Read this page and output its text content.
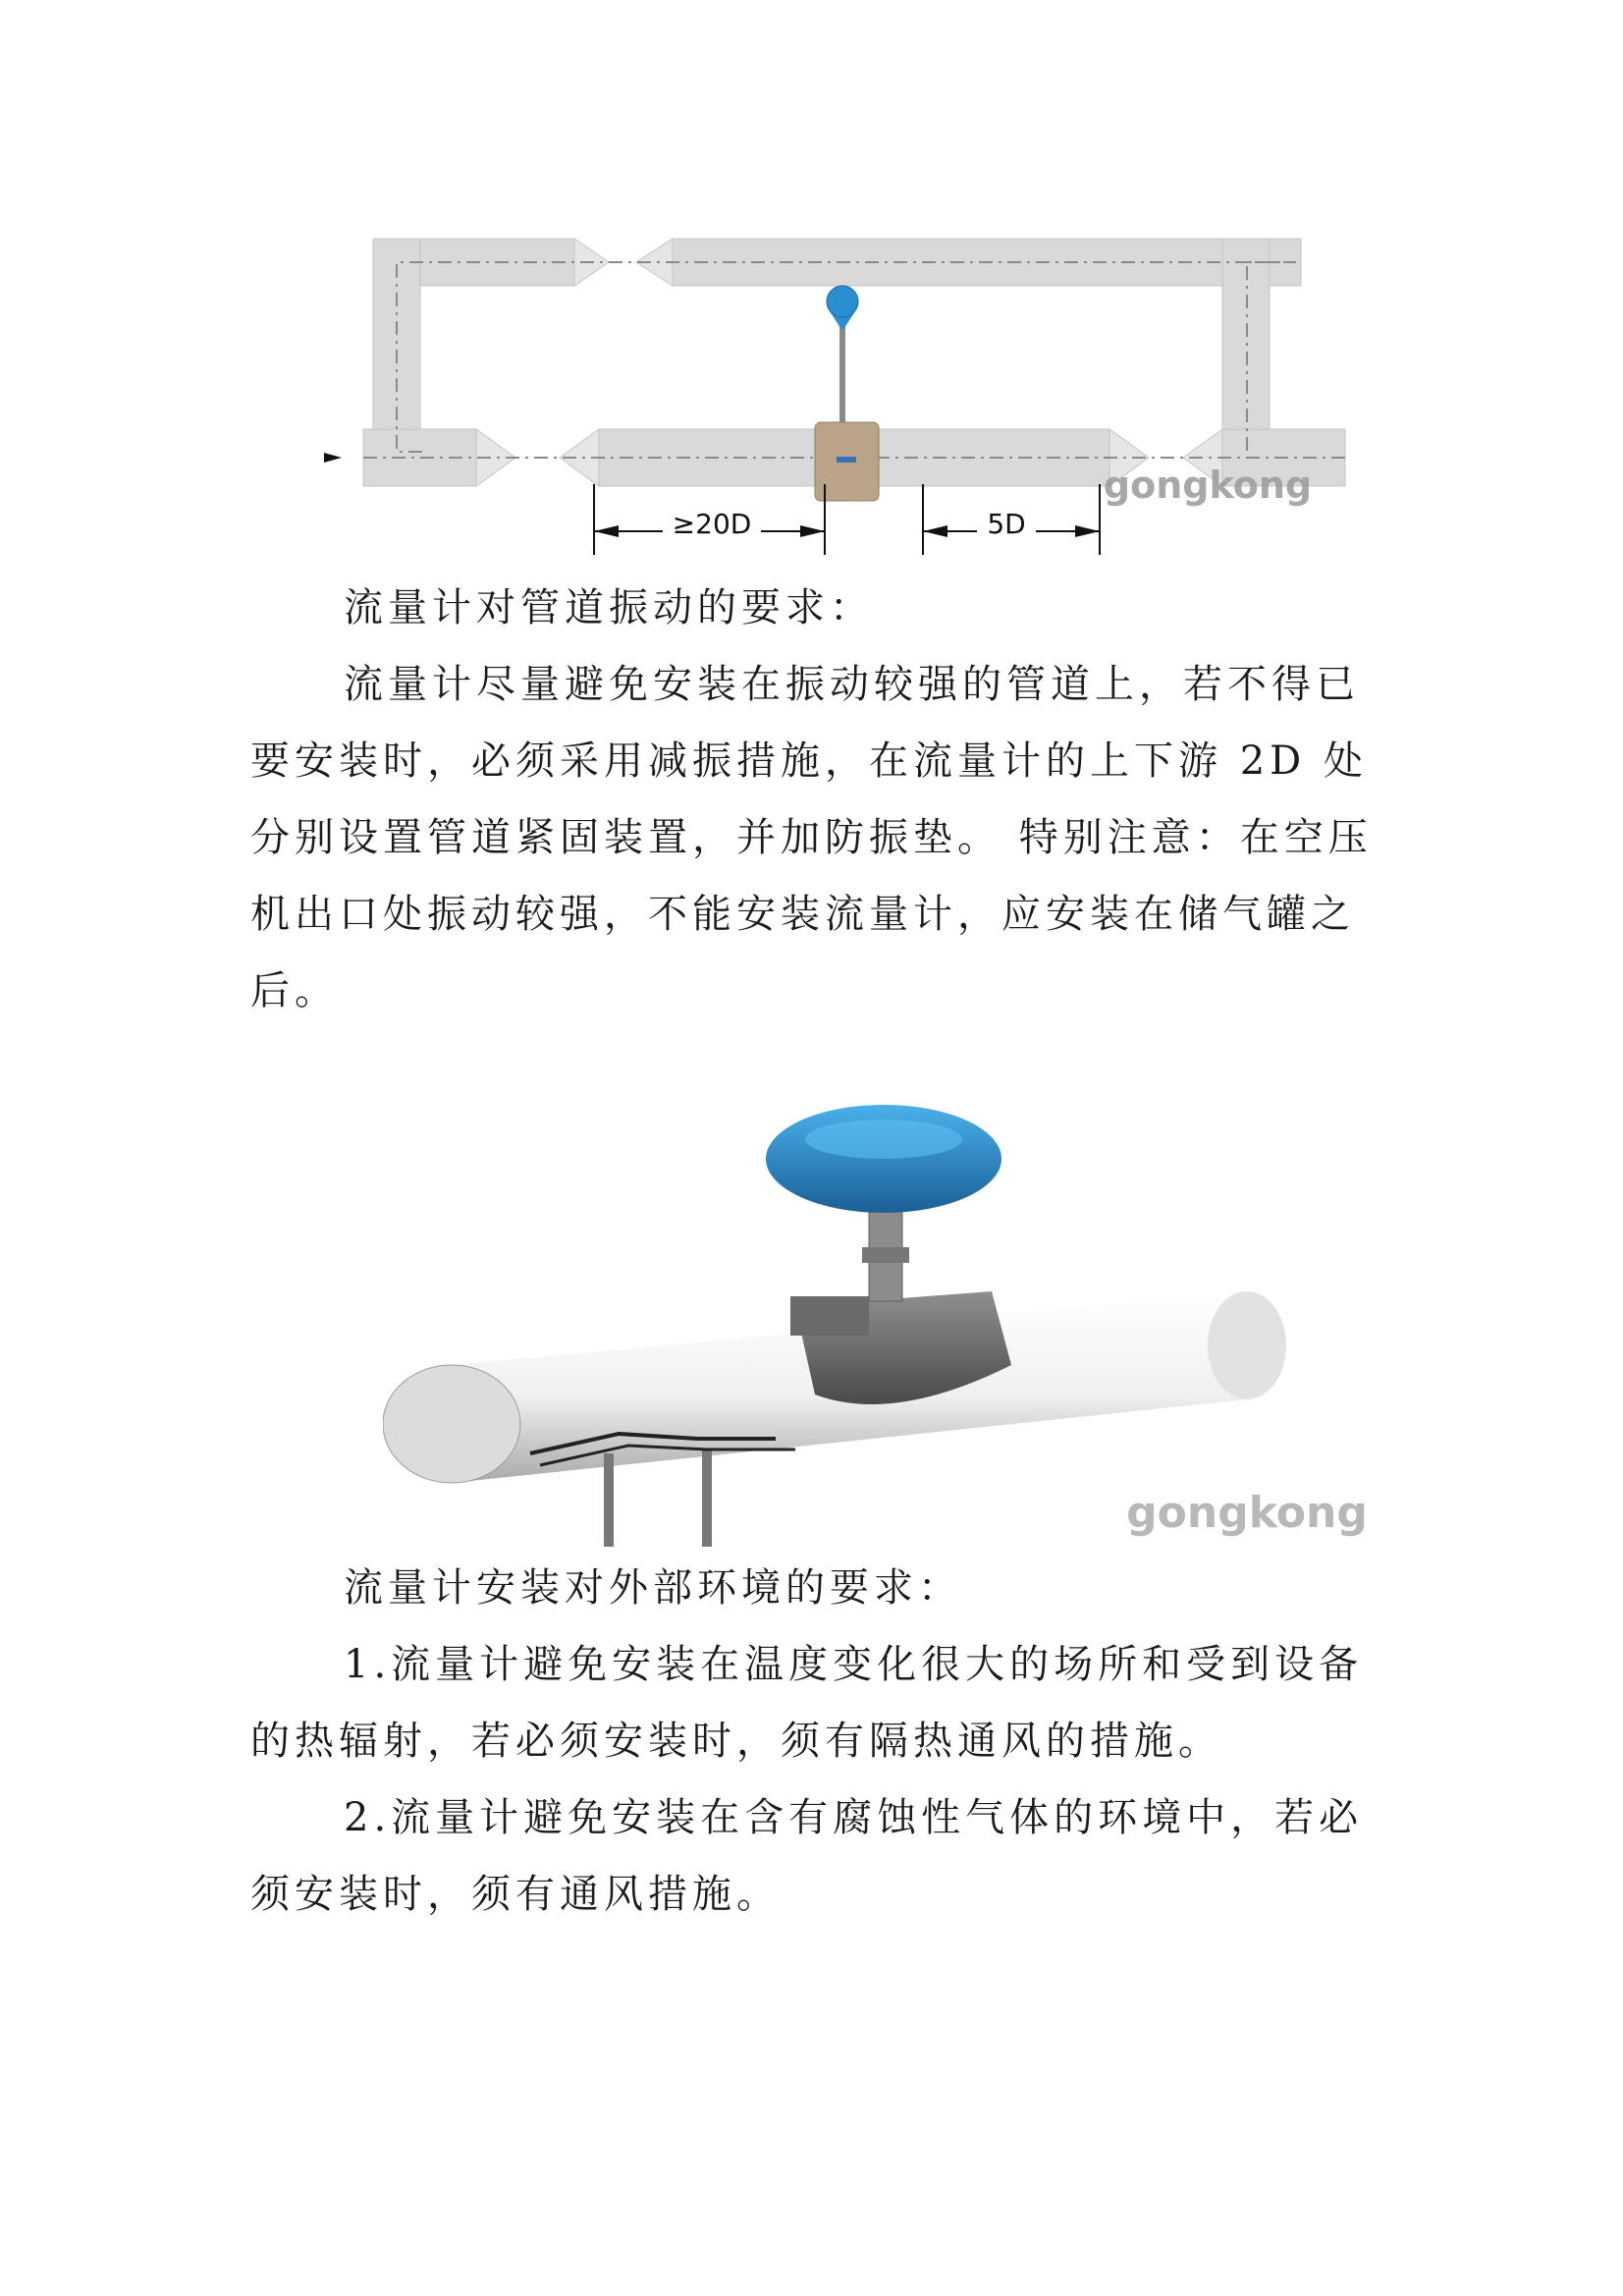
≥20D	5D
gongkong

流量计对管道振动的要求：

流量计尽量避免安装在振动较强的管道上，若不得已要安装时，必须采用减振措施，在流量计的上下游 2D 处分别设置管道紧固装置，并加防振垫。 特别注意：在空压机出口处振动较强，不能安装流量计，应安装在储气罐之后。

gongkong

流量计安装对外部环境的要求：

1.流量计避免安装在温度变化很大的场所和受到设备的热辐射，若必须安装时，须有隔热通风的措施。

2.流量计避免安装在含有腐蚀性气体的环境中，若必须安装时，须有通风措施。
